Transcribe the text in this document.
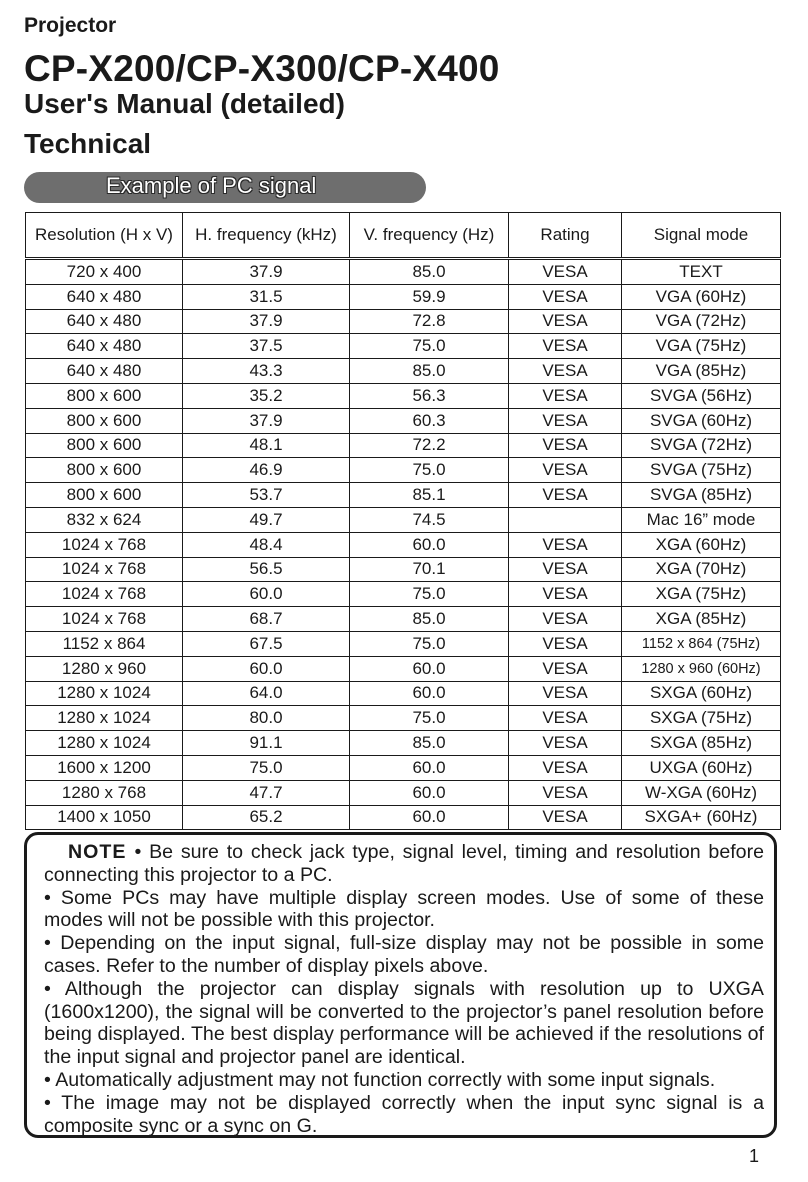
Projector
CP-X200/CP-X300/CP-X400
User's Manual (detailed)
Technical
Example of PC signal
Resolution (H x V)	H. frequency (kHz)	V. frequency (Hz)	Rating	Signal mode
720 x 400	37.9	85.0	VESA	TEXT
640 x 480	31.5	59.9	VESA	VGA (60Hz)
640 x 480	37.9	72.8	VESA	VGA (72Hz)
640 x 480	37.5	75.0	VESA	VGA (75Hz)
640 x 480	43.3	85.0	VESA	VGA (85Hz)
800 x 600	35.2	56.3	VESA	SVGA (56Hz)
800 x 600	37.9	60.3	VESA	SVGA (60Hz)
800 x 600	48.1	72.2	VESA	SVGA (72Hz)
800 x 600	46.9	75.0	VESA	SVGA (75Hz)
800 x 600	53.7	85.1	VESA	SVGA (85Hz)
832 x 624	49.7	74.5		Mac 16” mode
1024 x 768	48.4	60.0	VESA	XGA (60Hz)
1024 x 768	56.5	70.1	VESA	XGA (70Hz)
1024 x 768	60.0	75.0	VESA	XGA (75Hz)
1024 x 768	68.7	85.0	VESA	XGA (85Hz)
1152 x 864	67.5	75.0	VESA	1152 x 864 (75Hz)
1280 x 960	60.0	60.0	VESA	1280 x 960 (60Hz)
1280 x 1024	64.0	60.0	VESA	SXGA (60Hz)
1280 x 1024	80.0	75.0	VESA	SXGA (75Hz)
1280 x 1024	91.1	85.0	VESA	SXGA (85Hz)
1600 x 1200	75.0	60.0	VESA	UXGA (60Hz)
1280 x 768	47.7	60.0	VESA	W-XGA (60Hz)
1400 x 1050	65.2	60.0	VESA	SXGA+ (60Hz)

NOTE • Be sure to check jack type, signal level, timing and resolution before connecting this projector to a PC.

• Some PCs may have multiple display screen modes. Use of some of these modes will not be possible with this projector.

• Depending on the input signal, full-size display may not be possible in some cases. Refer to the number of display pixels above.

• Although the projector can display signals with resolution up to UXGA (1600x1200), the signal will be converted to the projector’s panel resolution before being displayed. The best display performance will be achieved if the resolutions of the input signal and projector panel are identical.

• Automatically adjustment may not function correctly with some input signals.

• The image may not be displayed correctly when the input sync signal is a composite sync or a sync on G.

1
